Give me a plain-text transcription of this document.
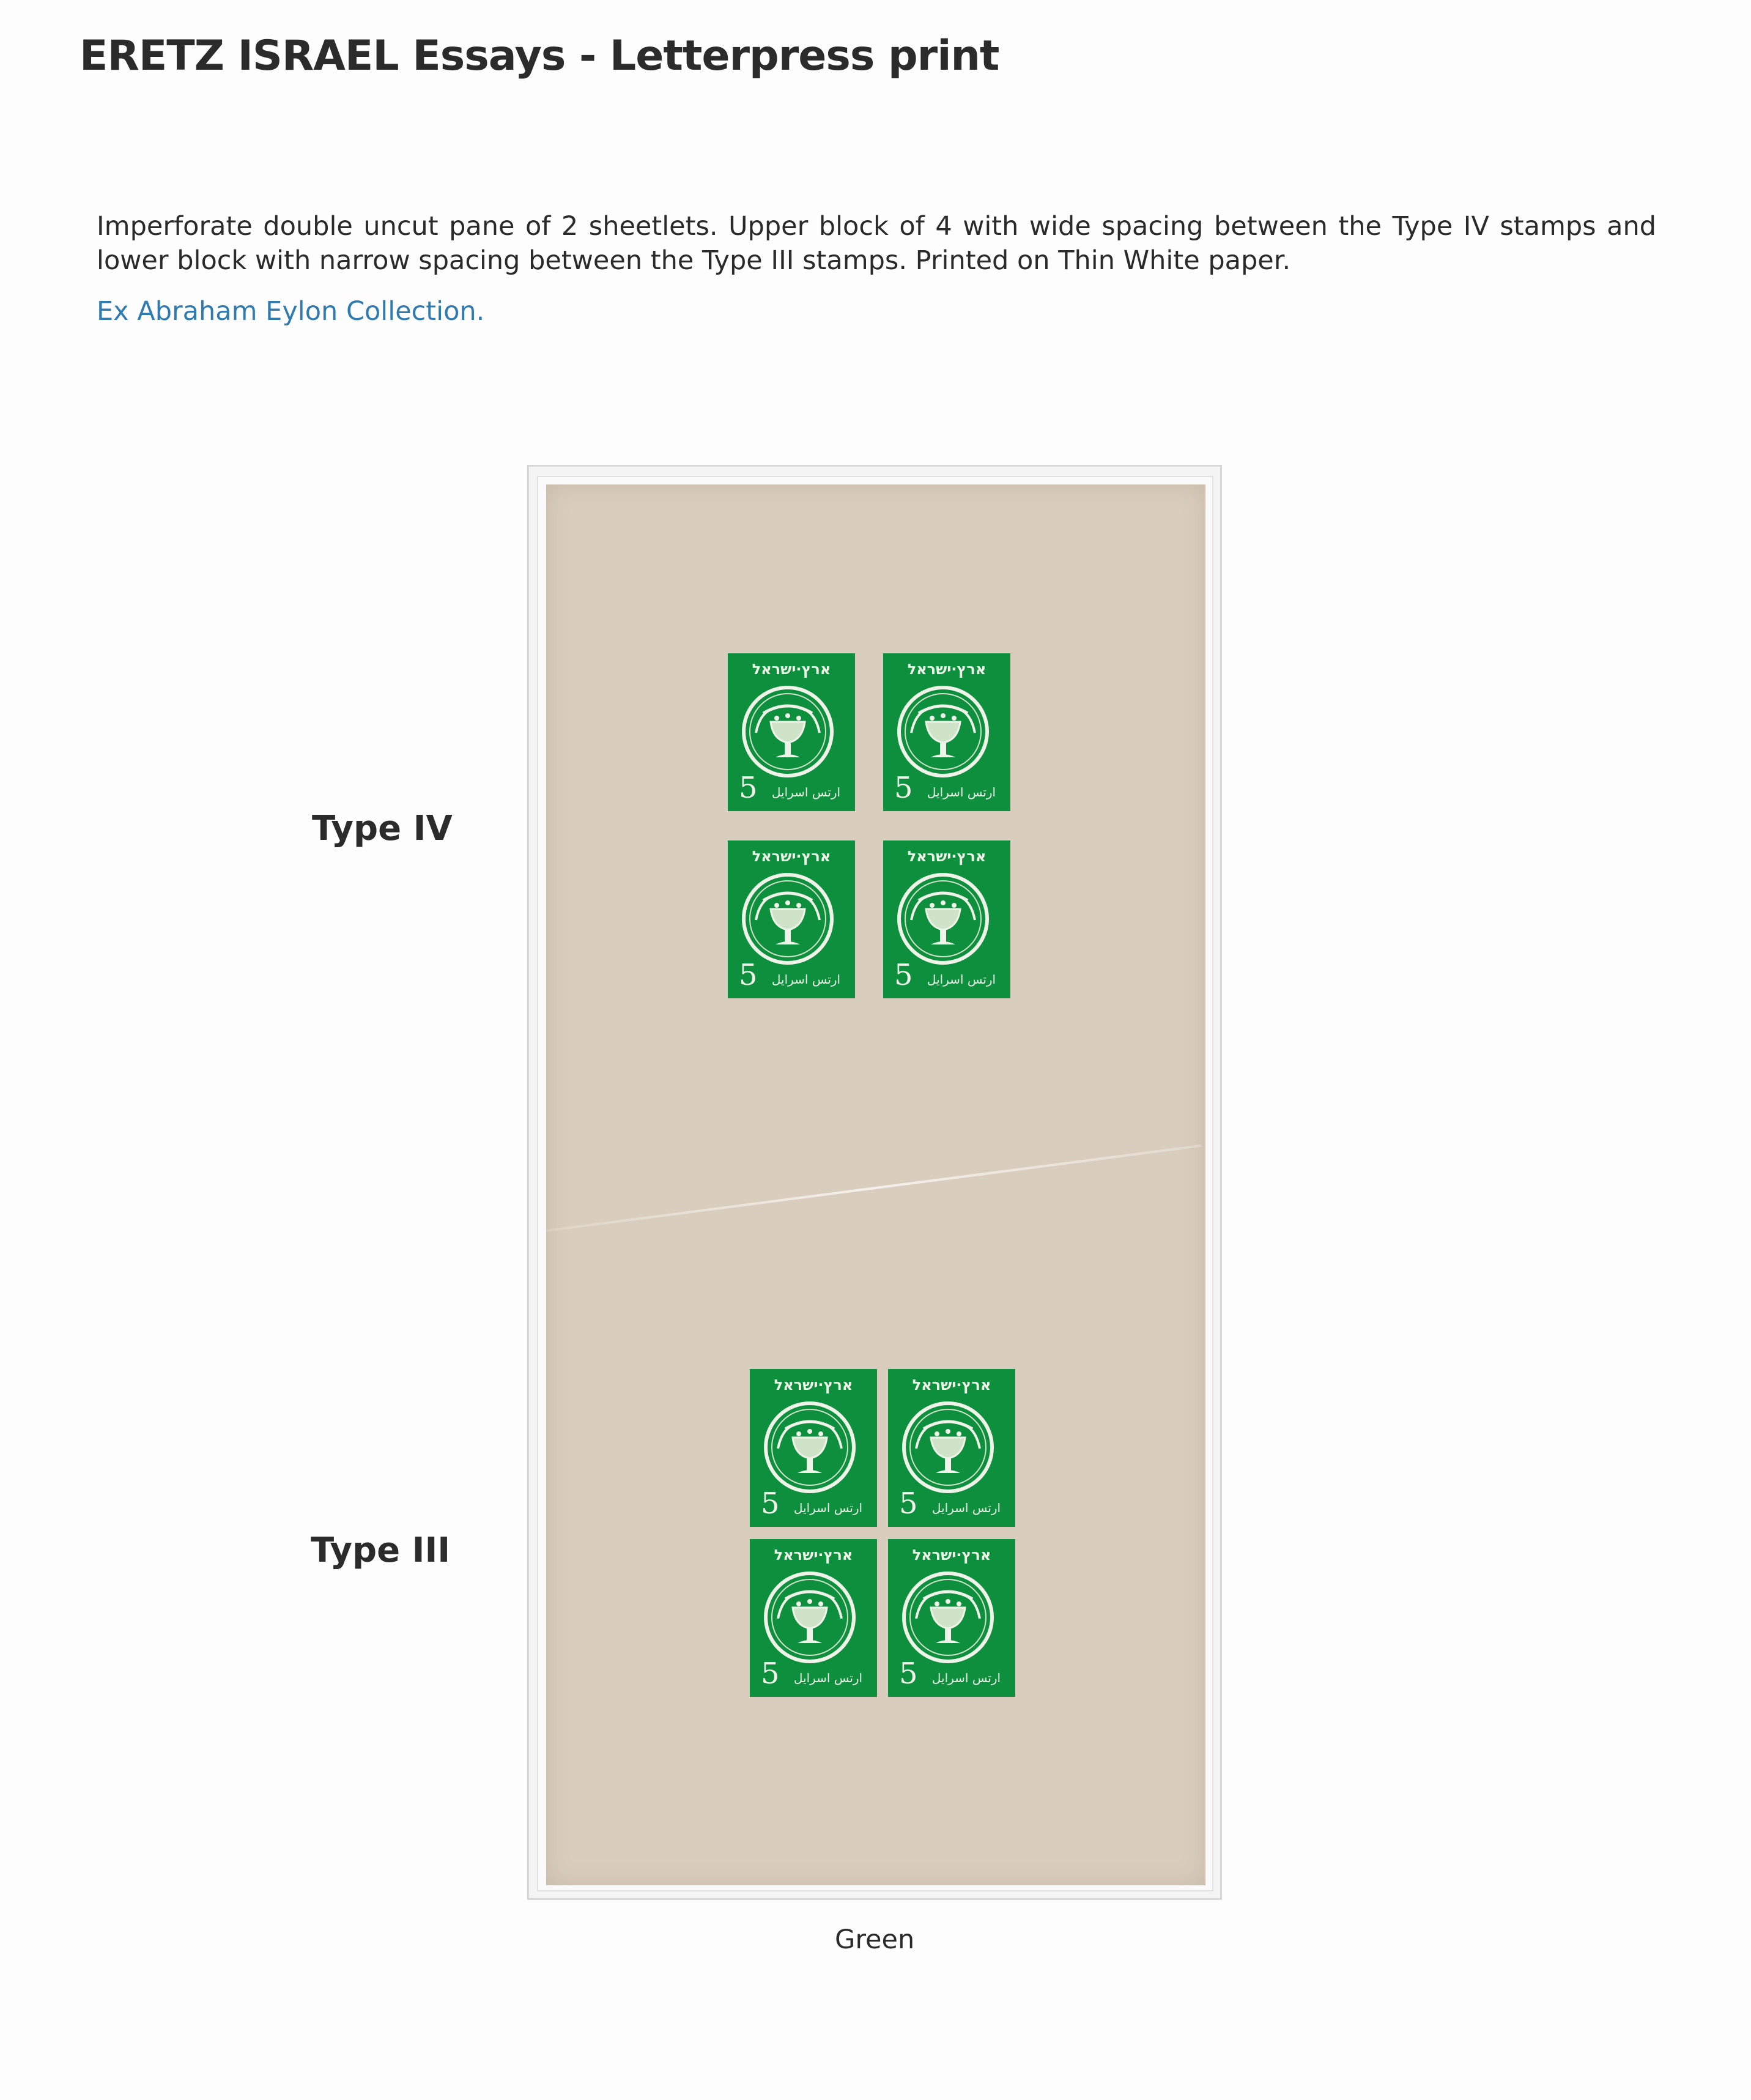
ERETZ ISRAEL Essays - Letterpress print
Imperforate double uncut pane of 2 sheetlets. Upper block of 4 with wide spacing between the Type IV stamps and lower block with narrow spacing between the Type III stamps. Printed on Thin White paper.
Ex Abraham Eylon Collection.
ארץ·ישראל
5 ارتس اسرايل
ארץ·ישראל
5 ارتس اسرايل
ארץ·ישראל
5 ارتس اسرايل
ארץ·ישראל
5 ارتس اسرايل
ארץ·ישראל
5 ارتس اسرايل
ארץ·ישראל
5 ارتس اسرايل
ארץ·ישראל
5 ارتس اسرايل
ארץ·ישראל
5 ارتس اسرايل
Type IV
Type III
Green
